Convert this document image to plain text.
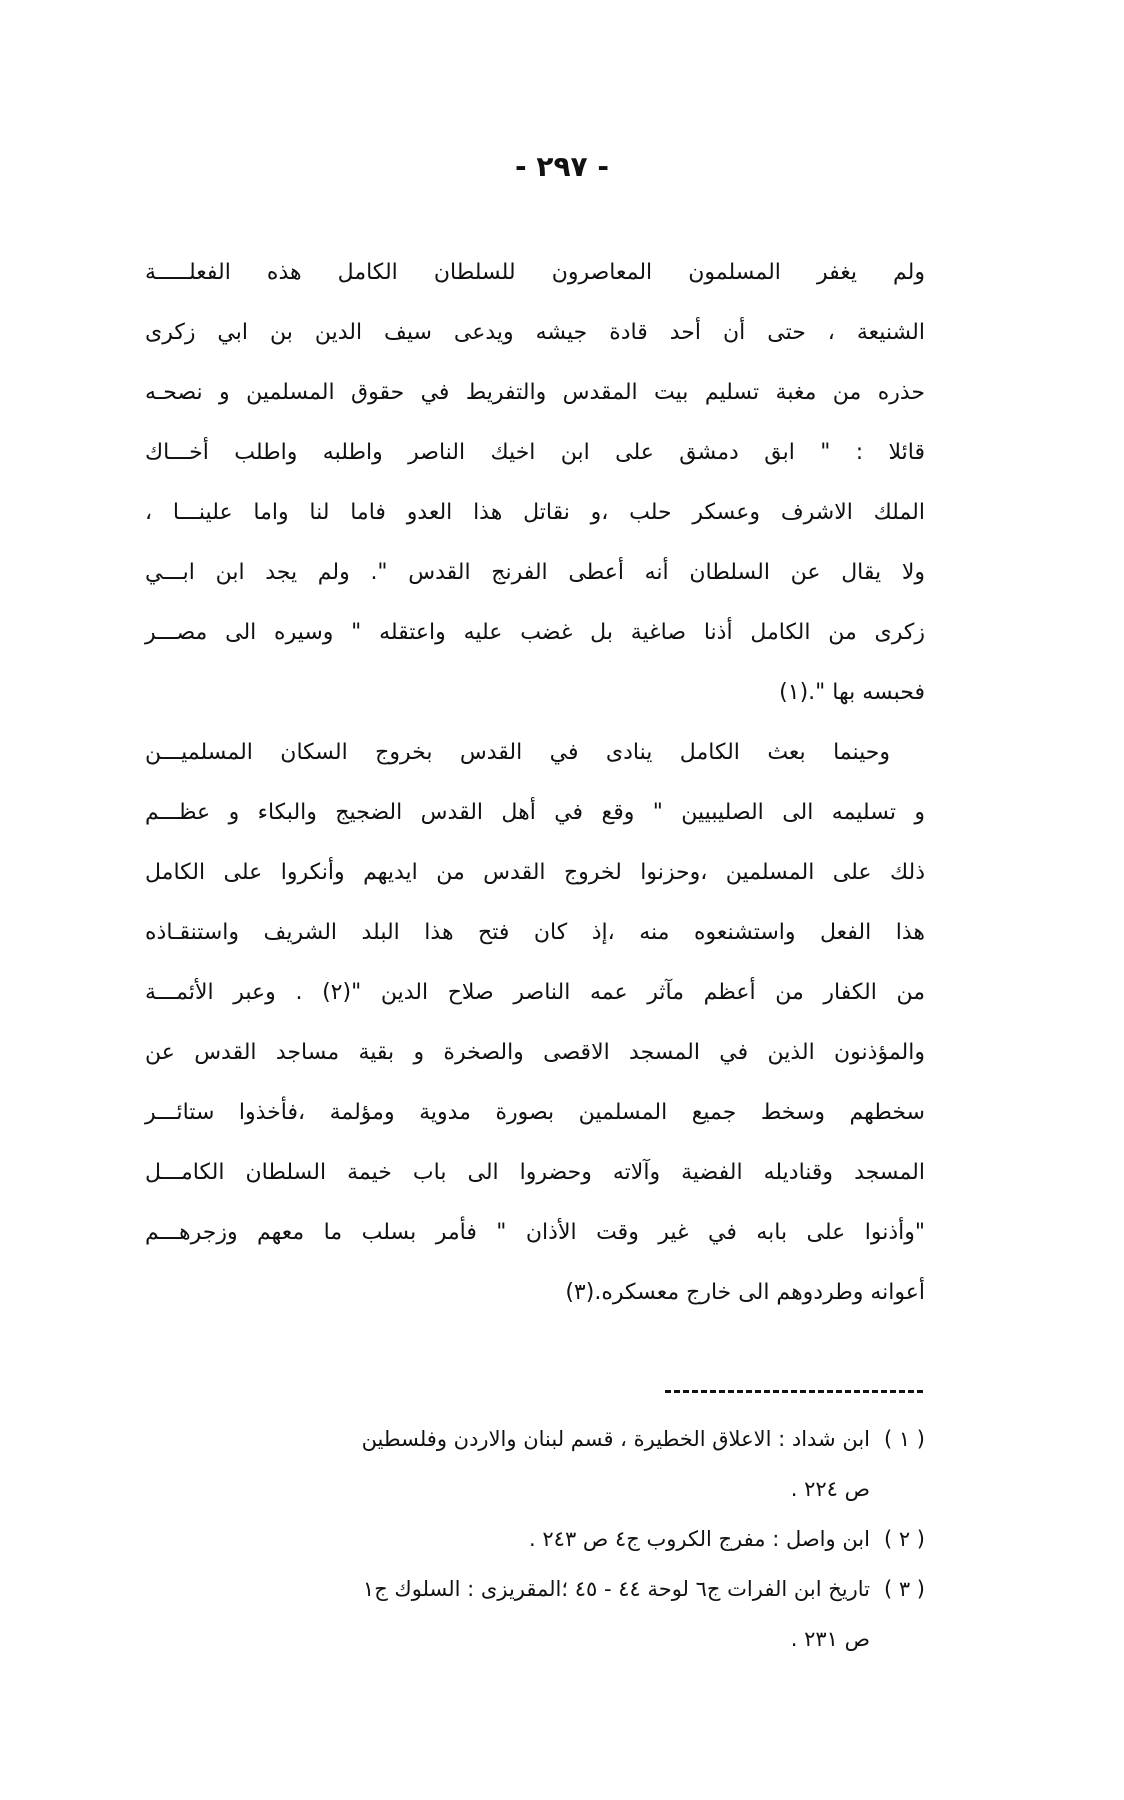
- ٢٩٧ -
ولم يغفر المسلمون المعاصرون للسلطان الكامل هذه الفعلـــــة
الشنيعة ، حتى أن أحد قادة جيشه ويدعى سيف الدين بن ابي زكرى
حذره من مغبة تسليم بيت المقدس والتفريط في حقوق المسلمين و نصحـه
قائلا : " ابق دمشق على ابن اخيك الناصر واطلبه واطلب أخـــاك
الملك الاشرف وعسكر حلب ،و نقاتل هذا العدو فاما لنا واما علينـــا ،
ولا يقال عن السلطان أنه أعطى الفرنج القدس ". ولم يجد ابن ابـــي
زكرى من الكامل أذنا صاغية بل غضب عليه واعتقله " وسيره الى مصـــر
فحبسه بها ".(١)
وحينما بعث الكامل ينادى في القدس بخروج السكان المسلميـــن
و تسليمه الى الصليبيين " وقع في أهل القدس الضجيج والبكاء و عظـــم
ذلك على المسلمين ،وحزنوا لخروج القدس من ايديهم وأنكروا على الكامل
هذا الفعل واستشنعوه منه ،إذ كان فتح هذا البلد الشريف واستنقـاذه
من الكفار من أعظم مآثر عمه الناصر صلاح الدين "(٢) . وعبر الأئمـــة
والمؤذنون الذين في المسجد الاقصى والصخرة و بقية مساجد القدس عن
سخطهم وسخط جميع المسلمين بصورة مدوية ومؤلمة ،فأخذوا ستائـــر
المسجد وقناديله الفضية وآلاته وحضروا الى باب خيمة السلطان الكامـــل
"وأذنوا على بابه في غير وقت الأذان " فأمر بسلب ما معهم وزجرهـــم
أعوانه وطردوهم الى خارج معسكره.(٣)
( ١ )
ابن شداد : الاعلاق الخطيرة ، قسم لبنان والاردن وفلسطين
ص ٢٢٤ .
( ٢ )
ابن واصل : مفرج الكروب ج٤ ص ٢٤٣ .
( ٣ )
تاريخ ابن الفرات ج٦ لوحة ٤٤ - ٤٥ ؛المقريزى : السلوك ج١
ص ٢٣١ .
